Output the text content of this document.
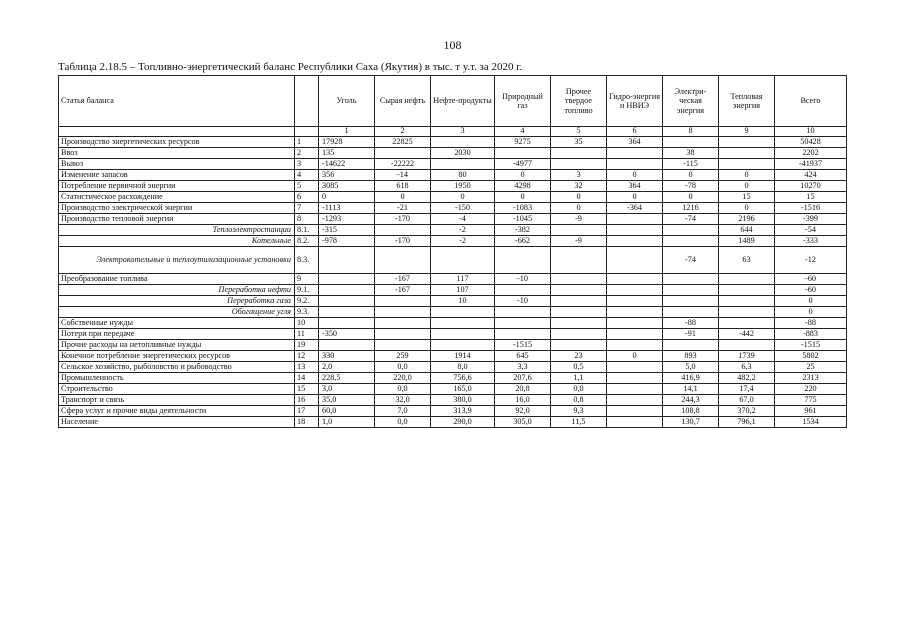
108
Таблица 2.18.5 – Топливно-энергетический баланс Республики Саха (Якутия) в тыс. т у.т. за 2020 г.
Статья баланса		Уголь	Сырая нефть	Нефте-продукты	Природный газ	Прочее твердое топливо	Гидро-энергия и НВИЭ	Электри-ческая энергия	Тепловая энергия	Всего
		1	2	3	4	5	6	8	9	10
Производство энергетических ресурсов	1	17928	22825		9275	35	364			50428
Ввоз	2	135		2030				38		2202
Вывоз	3	-14622	-22222		-4977			-115		-41937
Изменение запасов	4	356	-14	80	0	3	0	0	0	424
Потребление первичной энергии	5	3085	618	1950	4298	32	364	-78	0	10270
Статистическое расхождение	6	0	0	0	0	0	0	0	15	15
Производство электрической энергии	7	-1113	-21	-150	-1083	0	-364	1216	0	-1516
Производство тепловой энергии	8	-1293	-170	-4	-1045	-9		-74	2196	-399
Теплоэлектростанции	8.1.	-315		-2	-382				644	-54
Котельные	8.2.	-978	-170	-2	-662	-9			1489	-333
Электрокотельные и теплоутилизационные установки	8.3.							-74	63	-12
Преобразование топлива	9		-167	117	-10					-60
Переработка нефти	9.1.		-167	107						-60
Переработка газа	9.2.			10	-10					0
Обогащение угля	9.3.									0
Собственные нужды	10							-88		-88
Потери при передаче	11	-350						-91	-442	-883
Прочие расходы на нетопливные нужды	19				-1515					-1515
Конечное потребление энергетических ресурсов	12	330	259	1914	645	23	0	893	1739	5802
Сельское хозяйство, рыболовство и рыбоводство	13	2,0	0,0	8,0	3,3	0,5		5,0	6,3	25
Промышленность	14	228,5	220,0	756,6	207,6	1,1		416,9	482,2	2313
Строительство	15	3,0	0,0	165,0	20,8	0,0		14,1	17,4	220
Транспорт и связь	16	35,0	32,0	380,0	16,0	0,8		244,3	67,0	775
Сфера услуг и прочие виды деятельности	17	60,0	7,0	313,9	92,0	9,3		108,8	370,2	961
Население	18	1,0	0,0	290,0	305,0	11,5		130,7	796,1	1534
